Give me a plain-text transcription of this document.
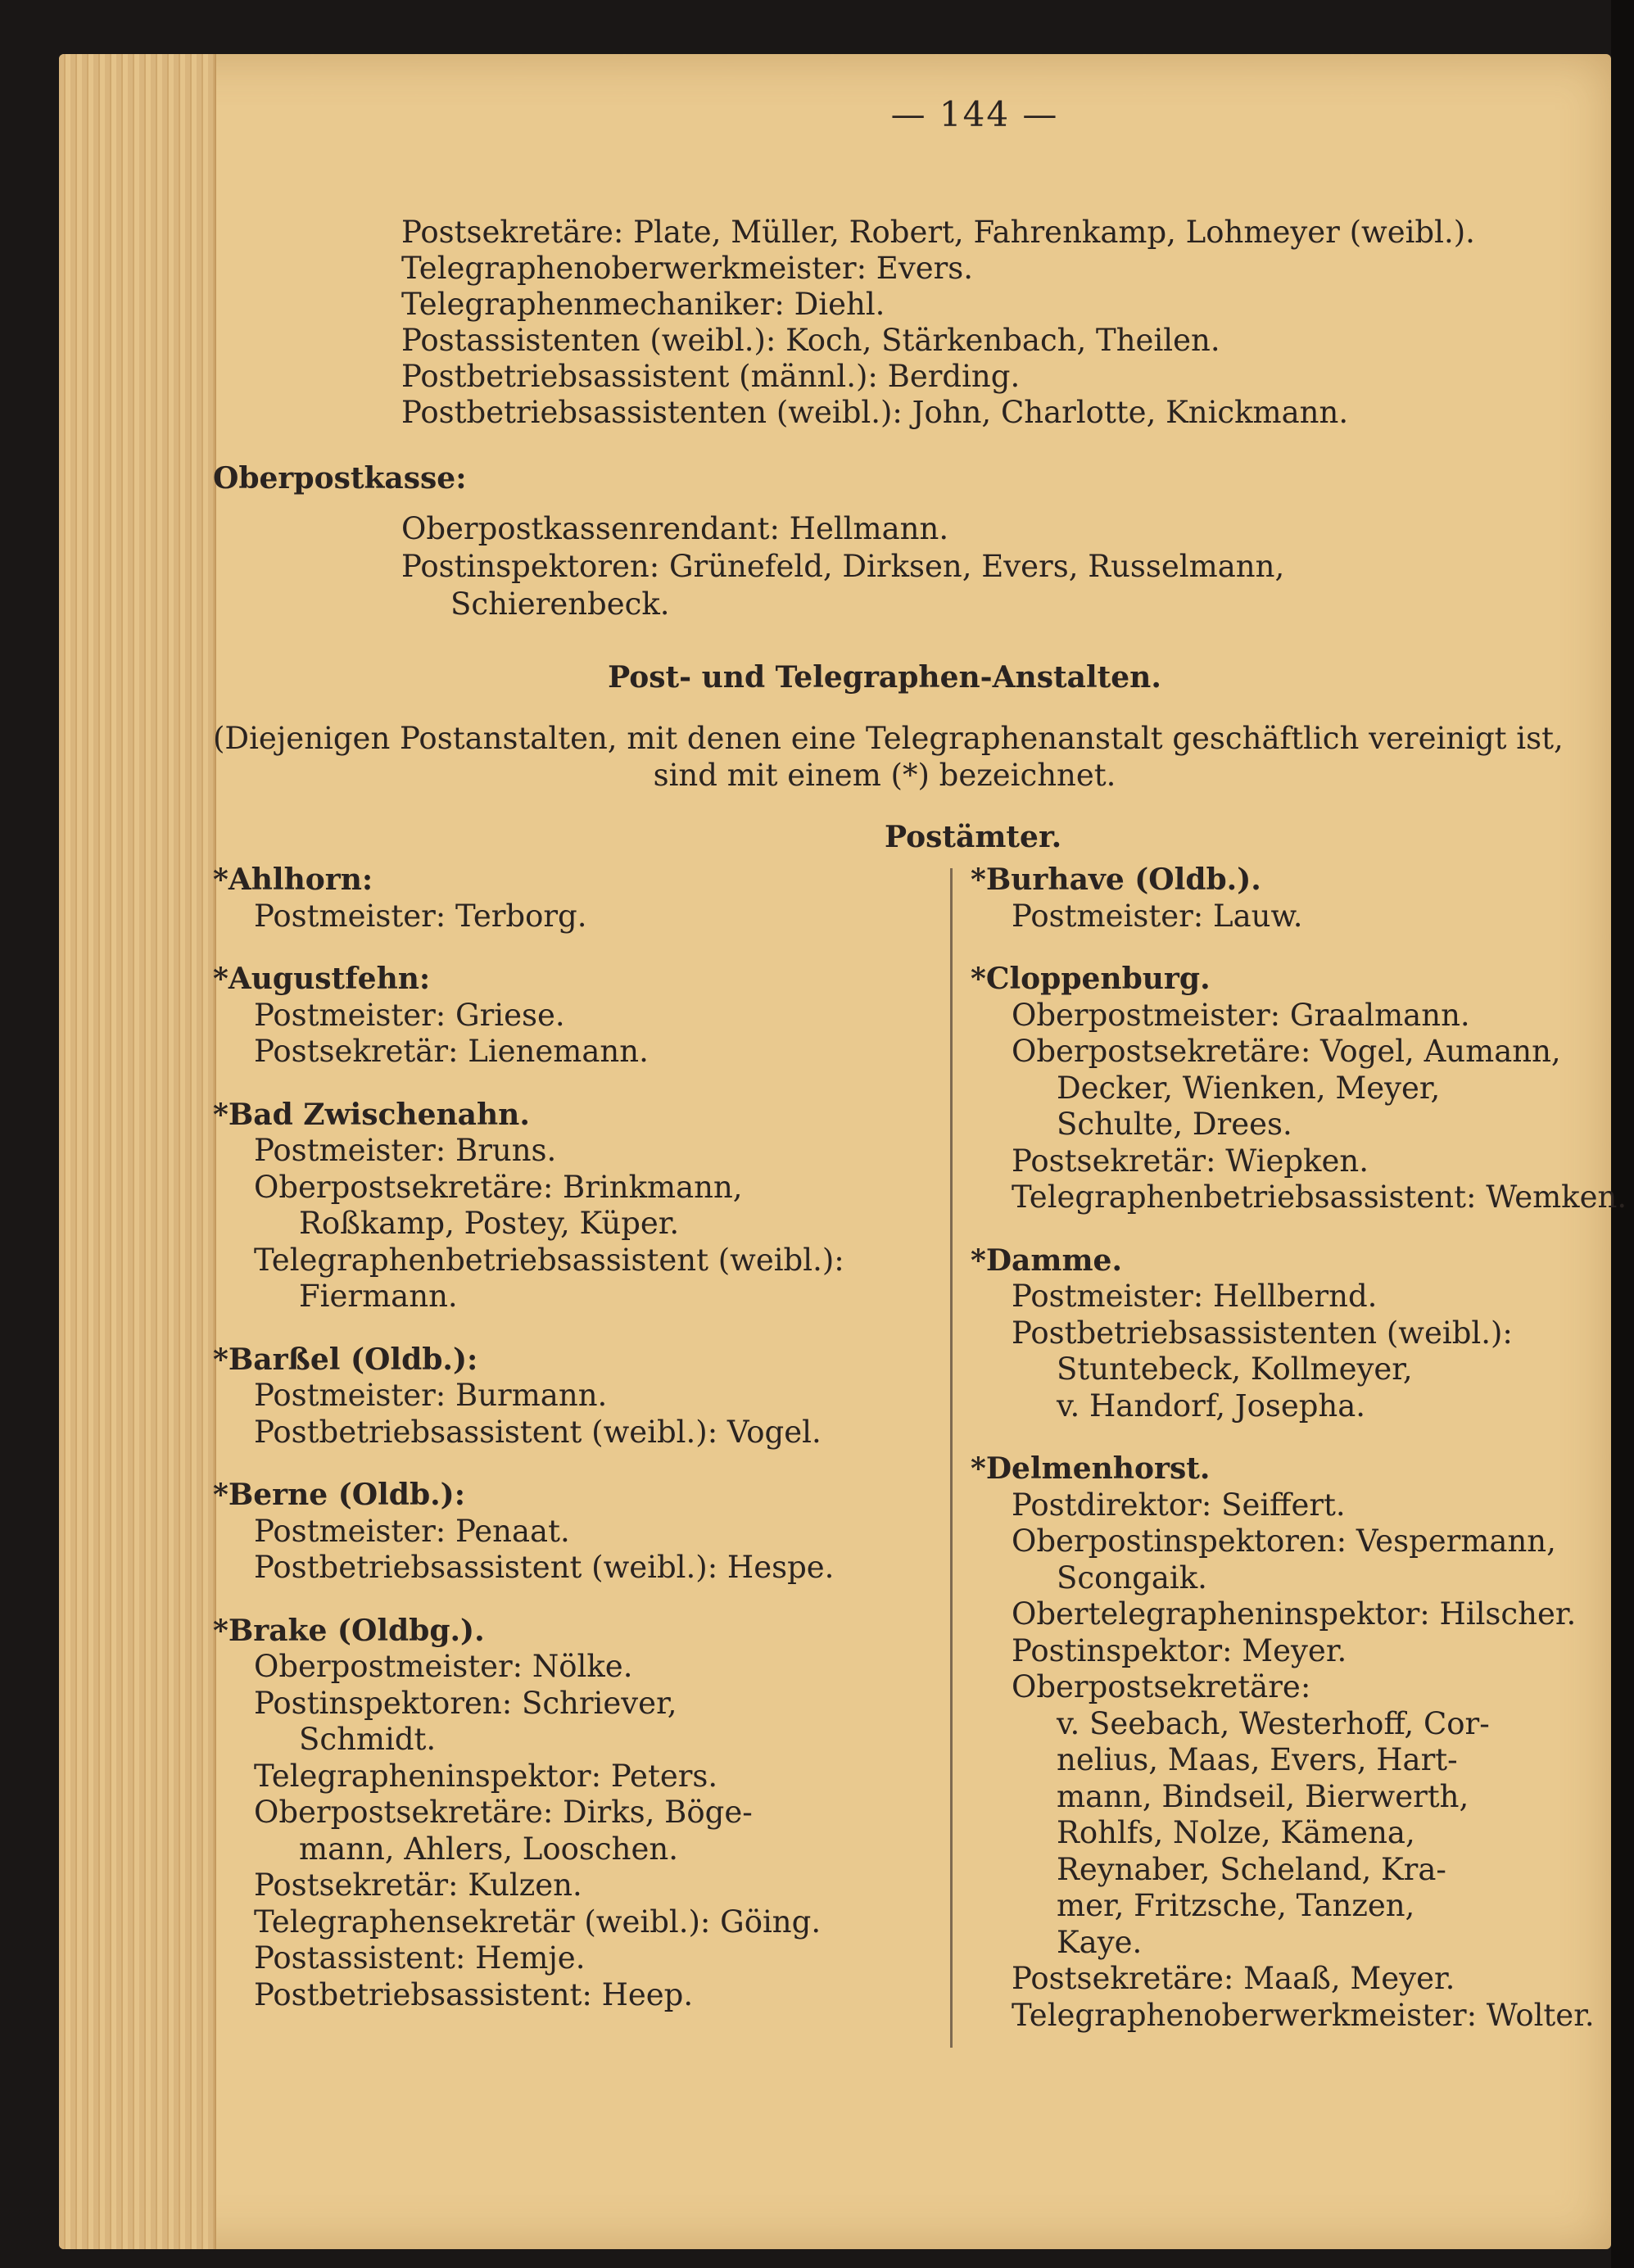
— 144 —
Postsekretäre: Plate, Müller, Robert, Fahrenkamp, Lohmeyer (weibl.).
Telegraphenoberwerkmeister: Evers.
Telegraphenmechaniker: Diehl.
Postassistenten (weibl.): Koch, Stärkenbach, Theilen.
Postbetriebsassistent (männl.): Berding.
Postbetriebsassistenten (weibl.): John, Charlotte, Knickmann.
Oberpostkasse:
Oberpostkassenrendant: Hellmann.
Postinspektoren: Grünefeld, Dirksen, Evers, Russelmann,
Schierenbeck.
Post- und Telegraphen-Anstalten.
(Diejenigen Postanstalten, mit denen eine Telegraphenanstalt geschäftlich vereinigt ist,
sind mit einem (*) bezeichnet.
Postämter.
*Ahlhorn:
Postmeister: Terborg.
*Augustfehn:
Postmeister: Griese.
Postsekretär: Lienemann.
*Bad Zwischenahn.
Postmeister: Bruns.
Oberpostsekretäre: Brinkmann,
Roßkamp, Postey, Küper.
Telegraphenbetriebsassistent (weibl.):
Fiermann.
*Barßel (Oldb.):
Postmeister: Burmann.
Postbetriebsassistent (weibl.): Vogel.
*Berne (Oldb.):
Postmeister: Penaat.
Postbetriebsassistent (weibl.): Hespe.
*Brake (Oldbg.).
Oberpostmeister: Nölke.
Postinspektoren: Schriever,
Schmidt.
Telegrapheninspektor: Peters.
Oberpostsekretäre: Dirks, Böge-
mann, Ahlers, Looschen.
Postsekretär: Kulzen.
Telegraphensekretär (weibl.): Göing.
Postassistent: Hemje.
Postbetriebsassistent: Heep.
*Burhave (Oldb.).
Postmeister: Lauw.
*Cloppenburg.
Oberpostmeister: Graalmann.
Oberpostsekretäre: Vogel, Aumann,
Decker, Wienken, Meyer,
Schulte, Drees.
Postsekretär: Wiepken.
Telegraphenbetriebsassistent: Wemken.
*Damme.
Postmeister: Hellbernd.
Postbetriebsassistenten (weibl.):
Stuntebeck, Kollmeyer,
v. Handorf, Josepha.
*Delmenhorst.
Postdirektor: Seiffert.
Oberpostinspektoren: Vespermann,
Scongaik.
Obertelegrapheninspektor: Hilscher.
Postinspektor: Meyer.
Oberpostsekretäre:
v. Seebach, Westerhoff, Cor-
nelius, Maas, Evers, Hart-
mann, Bindseil, Bierwerth,
Rohlfs, Nolze, Kämena,
Reynaber, Scheland, Kra-
mer, Fritzsche, Tanzen,
Kaye.
Postsekretäre: Maaß, Meyer.
Telegraphenoberwerkmeister: Wolter.
